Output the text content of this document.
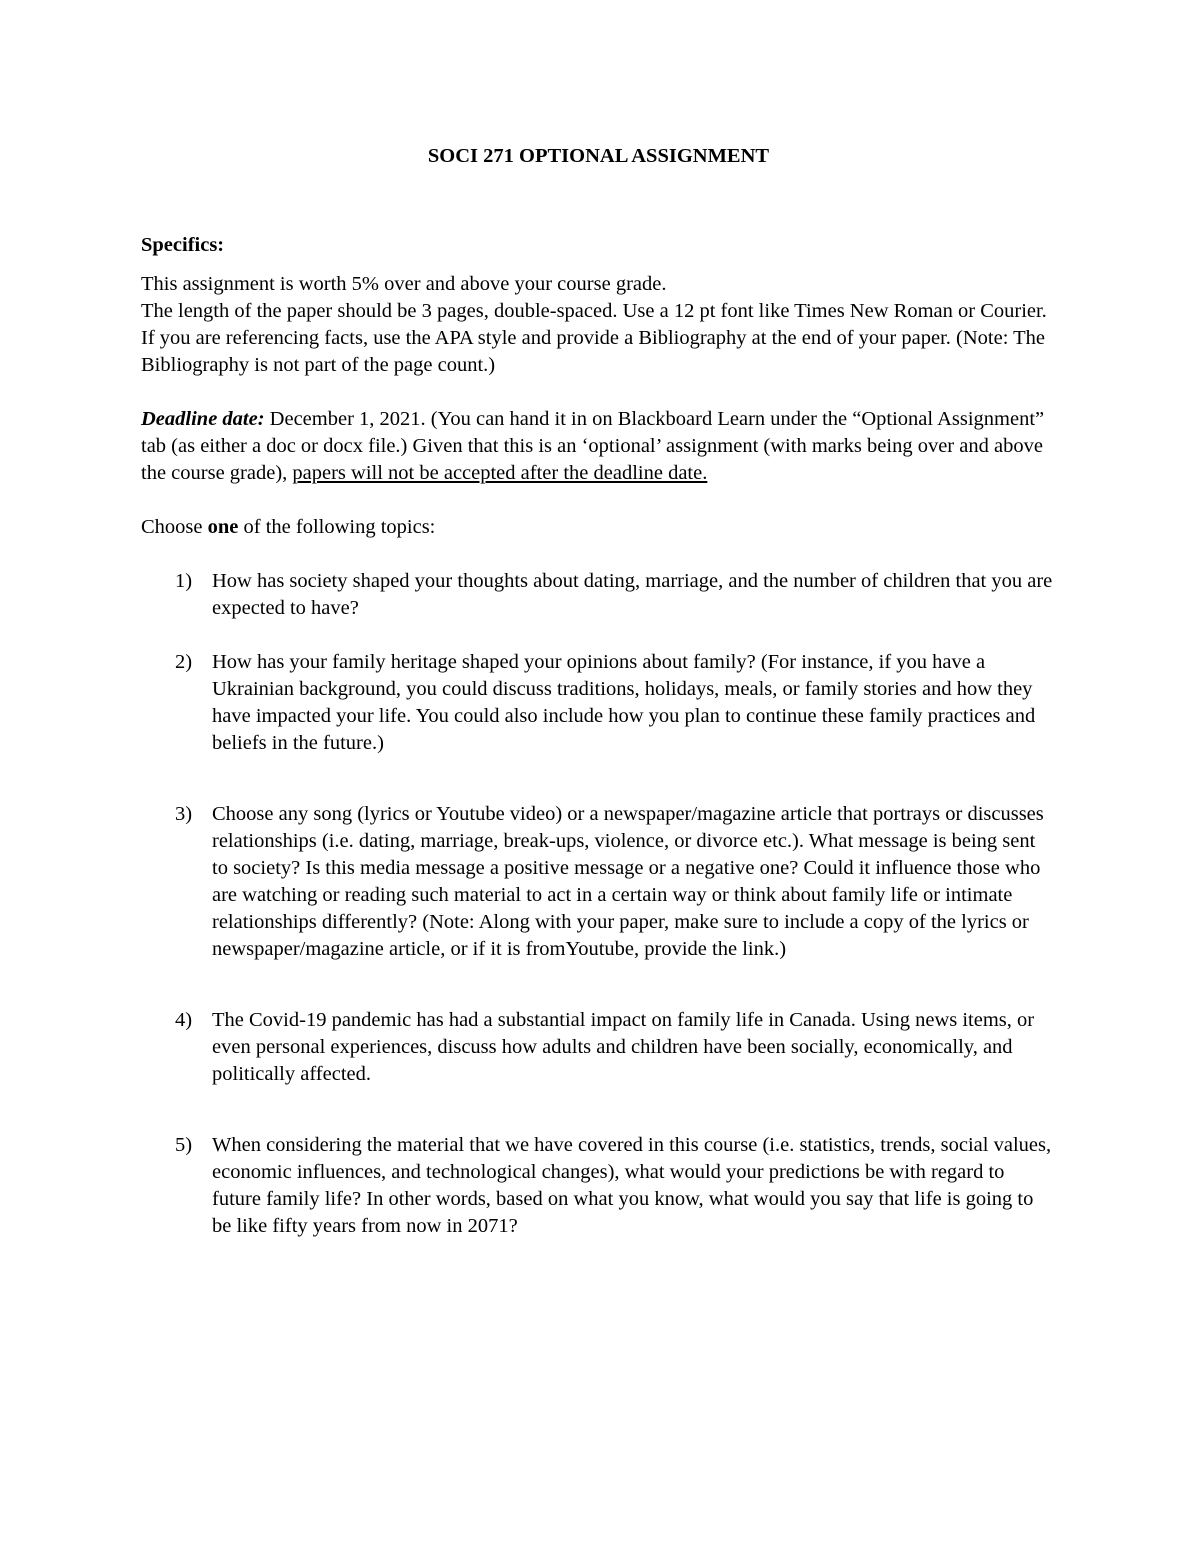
SOCI 271 OPTIONAL ASSIGNMENT
Specifics:

This assignment is worth 5% over and above your course grade.

The length of the paper should be 3 pages, double-spaced. Use a 12 pt font like Times New Roman or Courier. If you are referencing facts, use the APA style and provide a Bibliography at the end of your paper. (Note: The Bibliography is not part of the page count.)

Deadline date: December 1, 2021. (You can hand it in on Blackboard Learn under the “Optional Assignment” tab (as either a doc or docx file.) Given that this is an ‘optional’ assignment (with marks being over and above the course grade), papers will not be accepted after the deadline date.

Choose one of the following topics:

1) How has society shaped your thoughts about dating, marriage, and the number of children that you are expected to have?
2) How has your family heritage shaped your opinions about family? (For instance, if you have a Ukrainian background, you could discuss traditions, holidays, meals, or family stories and how they have impacted your life. You could also include how you plan to continue these family practices and beliefs in the future.)
3) Choose any song (lyrics or Youtube video) or a newspaper/magazine article that portrays or discusses relationships (i.e. dating, marriage, break-ups, violence, or divorce etc.). What message is being sent to society? Is this media message a positive message or a negative one? Could it influence those who are watching or reading such material to act in a certain way or think about family life or intimate relationships differently? (Note: Along with your paper, make sure to include a copy of the lyrics or newspaper/magazine article, or if it is fromYoutube, provide the link.)
4) The Covid-19 pandemic has had a substantial impact on family life in Canada. Using news items, or even personal experiences, discuss how adults and children have been socially, economically, and politically affected.
5) When considering the material that we have covered in this course (i.e. statistics, trends, social values, economic influences, and technological changes), what would your predictions be with regard to future family life? In other words, based on what you know, what would you say that life is going to be like fifty years from now in 2071?
